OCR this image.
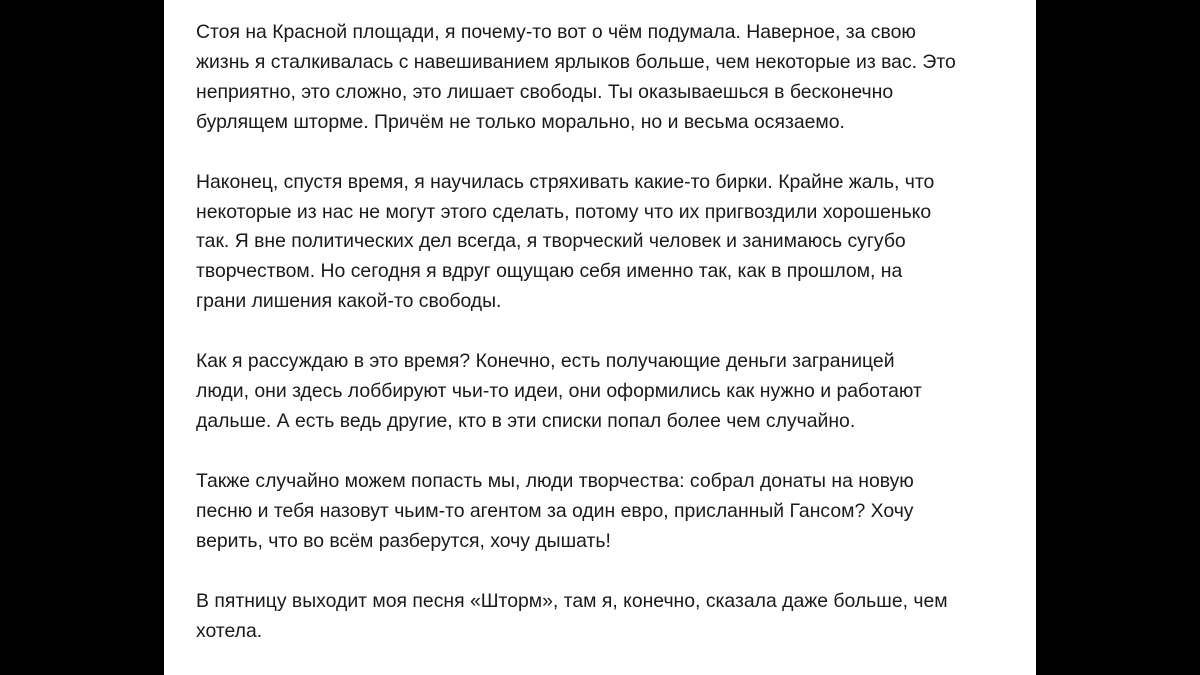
Стоя на Красной площади, я почему-то вот о чём подумала. Наверное, за свою
жизнь я сталкивалась с навешиванием ярлыков больше, чем некоторые из вас. Это
неприятно, это сложно, это лишает свободы. Ты оказываешься в бесконечно
бурлящем шторме. Причём не только морально, но и весьма осязаемо.

Наконец, спустя время, я научилась стряхивать какие-то бирки. Крайне жаль, что
некоторые из нас не могут этого сделать, потому что их пригвоздили хорошенько
так. Я вне политических дел всегда, я творческий человек и занимаюсь сугубо
творчеством. Но сегодня я вдруг ощущаю себя именно так, как в прошлом, на
грани лишения какой-то свободы.

Как я рассуждаю в это время? Конечно, есть получающие деньги заграницей
люди, они здесь лоббируют чьи-то идеи, они оформились как нужно и работают
дальше. А есть ведь другие, кто в эти списки попал более чем случайно.

Также случайно можем попасть мы, люди творчества: собрал донаты на новую
песню и тебя назовут чьим-то агентом за один евро, присланный Гансом? Хочу
верить, что во всём разберутся, хочу дышать!

В пятницу выходит моя песня «Шторм», там я, конечно, сказала даже больше, чем
хотела.
